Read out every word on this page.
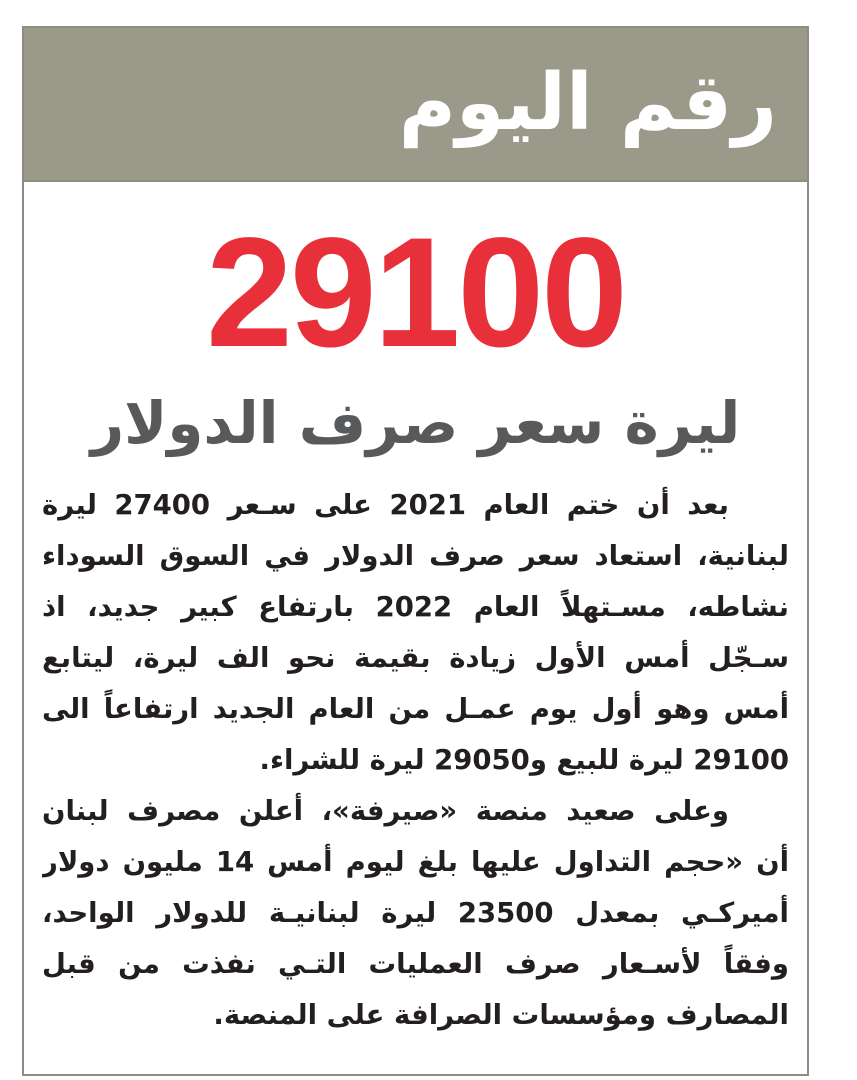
رقم اليوم
29100
ليرة سعر صرف الدولار
بعد أن ختم العام 2021 على سـعر 27400 ليرة
لبنانية، استعاد سعر صرف الدولار في السوق السوداء
نشاطه، مسـتهلاً العام 2022 بارتفاع كبير جديد، اذ
سـجّل أمس الأول زيادة بقيمة نحو الف ليرة، ليتابع
أمس وهو أول يوم عمـل من العام الجديد ارتفاعاً الى
29100 ليرة للبيع و29050 ليرة للشراء.
وعلى صعيد منصة «صيرفة»، أعلن مصرف لبنان
أن «حجم التداول عليها بلغ ليوم أمس 14 مليون دولار
أميركـي بمعدل 23500 ليرة لبنانيـة للدولار الواحد،
وفقاً لأسـعار صرف العمليات التـي نفذت من قبل
المصارف ومؤسسات الصرافة على المنصة.
